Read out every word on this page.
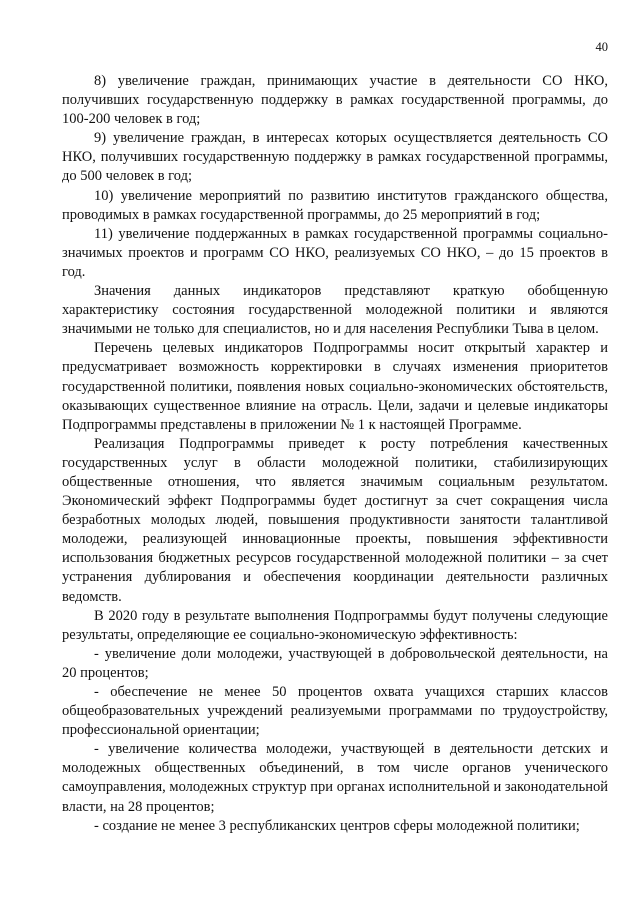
40

8) увеличение граждан, принимающих участие в деятельности СО НКО, получивших государственную поддержку в рамках государственной программы, до 100-200 человек в год;

9) увеличение граждан, в интересах которых осуществляется деятельность СО НКО, получивших государственную поддержку в рамках государственной программы, до 500 человек в год;

10) увеличение мероприятий по развитию институтов гражданского общества, проводимых в рамках государственной программы, до 25 мероприятий в год;

11) увеличение поддержанных в рамках государственной программы социально-значимых проектов и программ СО НКО, реализуемых СО НКО, – до 15 проектов в год.

Значения данных индикаторов представляют краткую обобщенную характеристику состояния государственной молодежной политики и являются значимыми не только для специалистов, но и для населения Республики Тыва в целом.

Перечень целевых индикаторов Подпрограммы носит открытый характер и предусматривает возможность корректировки в случаях изменения приоритетов государственной политики, появления новых социально-экономических обстоятельств, оказывающих существенное влияние на отрасль. Цели, задачи и целевые индикаторы Подпрограммы представлены в приложении № 1 к настоящей Программе.

Реализация Подпрограммы приведет к росту потребления качественных государственных услуг в области молодежной политики, стабилизирующих общественные отношения, что является значимым социальным результатом. Экономический эффект Подпрограммы будет достигнут за счет сокращения числа безработных молодых людей, повышения продуктивности занятости талантливой молодежи, реализующей инновационные проекты, повышения эффективности использования бюджетных ресурсов государственной молодежной политики – за счет устранения дублирования и обеспечения координации деятельности различных ведомств.

В 2020 году в результате выполнения Подпрограммы будут получены следующие результаты, определяющие ее социально-экономическую эффективность:

- увеличение доли молодежи, участвующей в добровольческой деятельности, на 20 процентов;

- обеспечение не менее 50 процентов охвата учащихся старших классов общеобразовательных учреждений реализуемыми программами по трудоустройству, профессиональной ориентации;

- увеличение количества молодежи, участвующей в деятельности детских и молодежных общественных объединений, в том числе органов ученического самоуправления, молодежных структур при органах исполнительной и законодательной власти, на 28 процентов;

- создание не менее 3 республиканских центров сферы молодежной политики;
